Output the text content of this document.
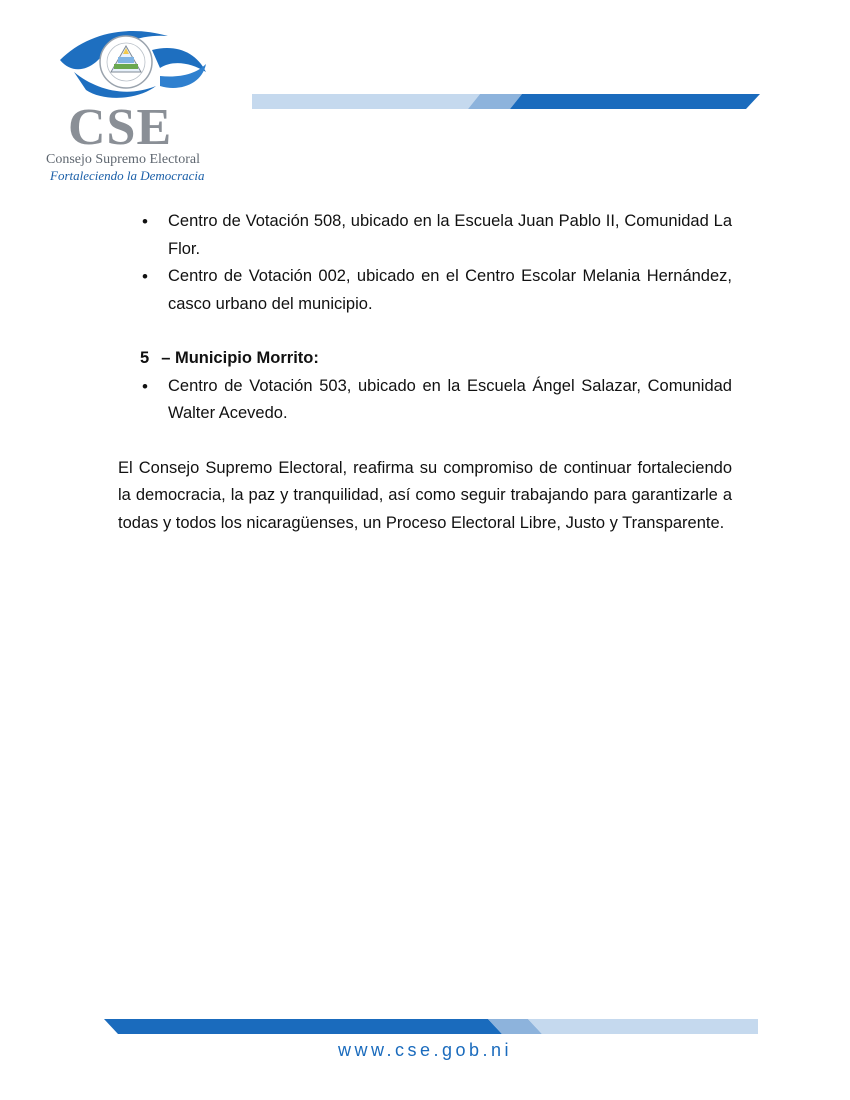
CSE
Consejo Supremo Electoral
Fortaleciendo la Democracia
• Centro de Votación 508, ubicado en la Escuela Juan Pablo II, Comunidad La Flor.
• Centro de Votación 002, ubicado en el Centro Escolar Melania Hernández, casco urbano del municipio.
5 – Municipio Morrito:
• Centro de Votación 503, ubicado en la Escuela Ángel Salazar, Comunidad Walter Acevedo.

El Consejo Supremo Electoral, reafirma su compromiso de continuar fortaleciendo la democracia, la paz y tranquilidad, así como seguir trabajando para garantizarle a todas y todos los nicaragüenses, un Proceso Electoral Libre, Justo y Transparente.

www.cse.gob.ni
